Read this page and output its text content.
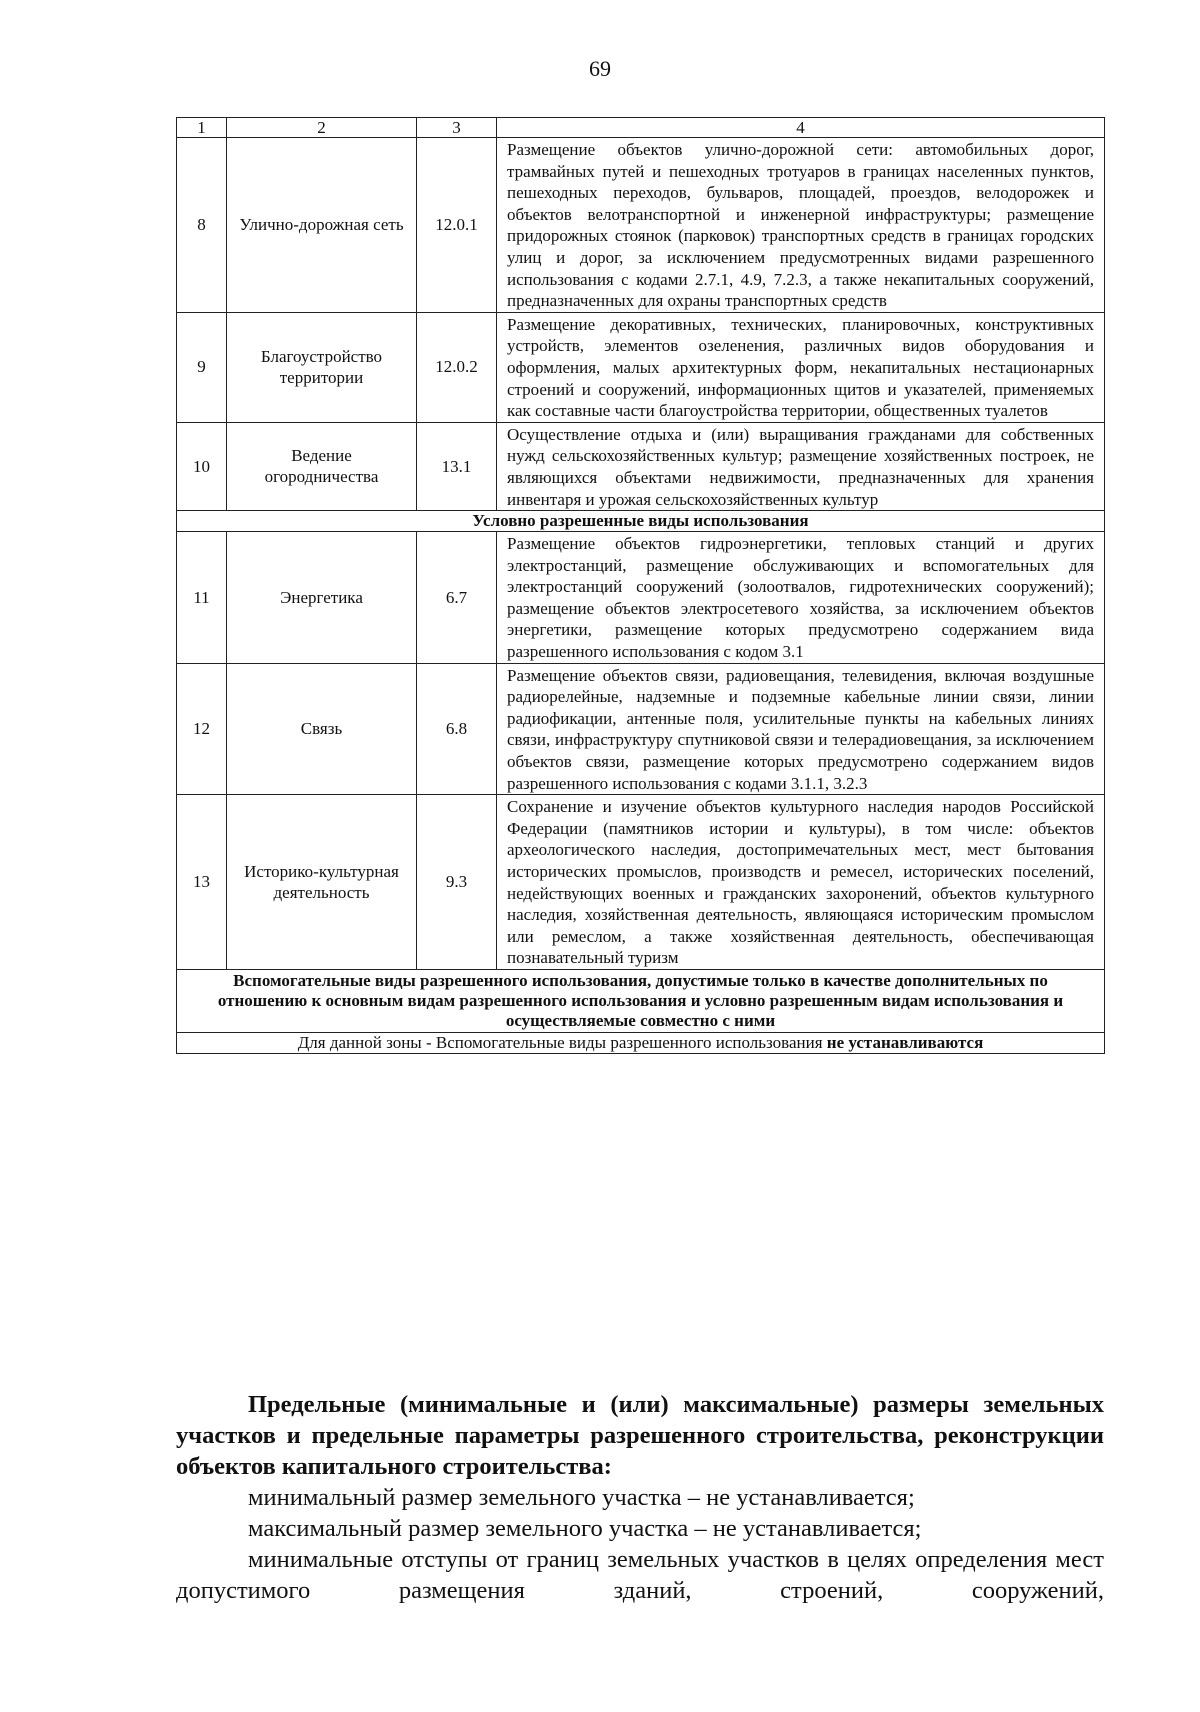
69
1	2	3	4
8	Улично-дорожная сеть	12.0.1	Размещение объектов улично-дорожной сети: автомобильных дорог, трамвайных путей и пешеходных тротуаров в границах населенных пунктов, пешеходных переходов, бульваров, площадей, проездов, велодорожек и объектов велотранспортной и инженерной инфраструктуры; размещение придорожных стоянок (парковок) транспортных средств в границах городских улиц и дорог, за исключением предусмотренных видами разрешенного использования с кодами 2.7.1, 4.9, 7.2.3, а также некапитальных сооружений, предназначенных для охраны транспортных средств

9	Благоустройство территории	12.0.2	Размещение декоративных, технических, планировочных, конструктивных устройств, элементов озеленения, различных видов оборудования и оформления, малых архитектурных форм, некапитальных нестационарных строений и сооружений, информационных щитов и указателей, применяемых как составные части благоустройства территории, общественных туалетов

10	Ведение огородничества	13.1	Осуществление отдыха и (или) выращивания гражданами для собственных нужд сельскохозяйственных культур; размещение хозяйственных построек, не являющихся объектами недвижимости, предназначенных для хранения инвентаря и урожая сельскохозяйственных культур

Условно разрешенные виды использования			
11	Энергетика	6.7	Размещение объектов гидроэнергетики, тепловых станций и других электростанций, размещение обслуживающих и вспомогательных для электростанций сооружений (золоотвалов, гидротехнических сооружений); размещение объектов электросетевого хозяйства, за исключением объектов энергетики, размещение которых предусмотрено содержанием вида разрешенного использования с кодом 3.1

12	Связь	6.8	Размещение объектов связи, радиовещания, телевидения, включая воздушные радиорелейные, надземные и подземные кабельные линии связи, линии радиофикации, антенные поля, усилительные пункты на кабельных линиях связи, инфраструктуру спутниковой связи и телерадиовещания, за исключением объектов связи, размещение которых предусмотрено содержанием видов разрешенного использования с кодами 3.1.1, 3.2.3

13	Историко-культурная деятельность	9.3	Сохранение и изучение объектов культурного наследия народов Российской Федерации (памятников истории и культуры), в том числе: объектов археологического наследия, достопримечательных мест, мест бытования исторических промыслов, производств и ремесел, исторических поселений, недействующих военных и гражданских захоронений, объектов культурного наследия, хозяйственная деятельность, являющаяся историческим промыслом или ремеслом, а также хозяйственная деятельность, обеспечивающая познавательный туризм

Вспомогательные виды разрешенного использования, допустимые только в качестве дополнительных по отношению к основным видам разрешенного использования и условно разрешенным видам использования и осуществляемые совместно с ними			
Для данной зоны - Вспомогательные виды разрешенного использования не устанавливаются			

Предельные (минимальные и (или) максимальные) размеры земельных участков и предельные параметры разрешенного строительства, реконструкции объектов капитального строительства:

минимальный размер земельного участка – не устанавливается;

максимальный размер земельного участка – не устанавливается;

минимальные отступы от границ земельных участков в целях определения мест допустимого размещения зданий, строений, сооружений,
